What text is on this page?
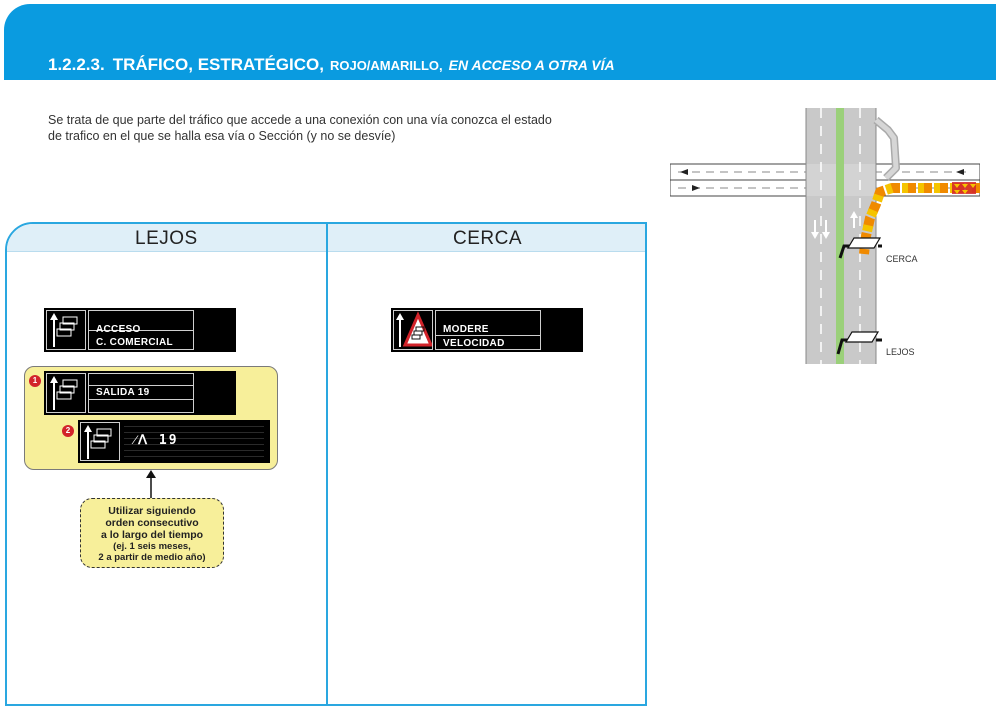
1.2.2.3. TRÁFICO, ESTRATÉGICO, ROJO/AMARILLO, EN ACCESO A OTRA VÍA
Se trata de que parte del tráfico que accede a una conexión con una vía conozca el estado
de trafico en el que se halla esa vía o Sección (y no se desvíe)
CERCA
LEJOS
LEJOS	CERCA
ACCESO
C. COMERCIAL
1
SALIDA 19
2
⁄ᐱ 19
Utilizar siguiendo
orden consecutivo
a lo largo del tiempo
(ej. 1 seis meses,
2 a partir de medio año)
MODERE
VELOCIDAD
